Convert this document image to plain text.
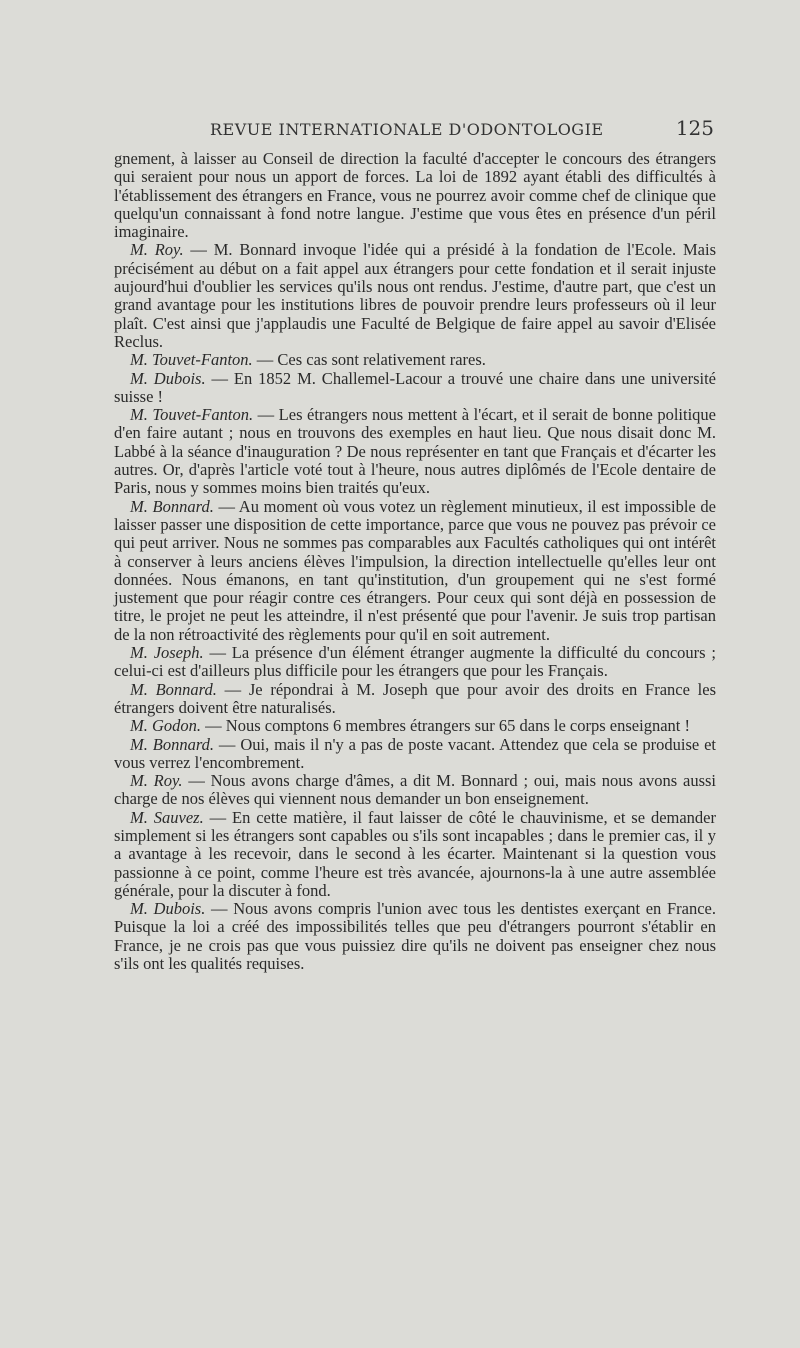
REVUE INTERNATIONALE D'ODONTOLOGIE	125

gnement, à laisser au Conseil de direction la faculté d'accepter le concours des étrangers qui seraient pour nous un apport de forces. La loi de 1892 ayant établi des difficultés à l'établissement des étrangers en France, vous ne pourrez avoir comme chef de clinique que quelqu'un connaissant à fond notre langue. J'estime que vous êtes en présence d'un péril imaginaire.

M. Roy. — M. Bonnard invoque l'idée qui a présidé à la fondation de l'Ecole. Mais précisément au début on a fait appel aux étrangers pour cette fondation et il serait injuste aujourd'hui d'oublier les services qu'ils nous ont rendus. J'estime, d'autre part, que c'est un grand avantage pour les institutions libres de pouvoir prendre leurs professeurs où il leur plaît. C'est ainsi que j'applaudis une Faculté de Belgique de faire appel au savoir d'Elisée Reclus.

M. Touvet-Fanton. — Ces cas sont relativement rares.

M. Dubois. — En 1852 M. Challemel-Lacour a trouvé une chaire dans une université suisse !

M. Touvet-Fanton. — Les étrangers nous mettent à l'écart, et il serait de bonne politique d'en faire autant ; nous en trouvons des exemples en haut lieu. Que nous disait donc M. Labbé à la séance d'inauguration ? De nous représenter en tant que Français et d'écarter les autres. Or, d'après l'article voté tout à l'heure, nous autres diplômés de l'Ecole dentaire de Paris, nous y sommes moins bien traités qu'eux.

M. Bonnard. — Au moment où vous votez un règlement minutieux, il est impossible de laisser passer une disposition de cette importance, parce que vous ne pouvez pas prévoir ce qui peut arriver. Nous ne sommes pas comparables aux Facultés catholiques qui ont intérêt à conserver à leurs anciens élèves l'impulsion, la direction intellectuelle qu'elles leur ont données. Nous émanons, en tant qu'institution, d'un groupement qui ne s'est formé justement que pour réagir contre ces étrangers. Pour ceux qui sont déjà en possession de titre, le projet ne peut les atteindre, il n'est présenté que pour l'avenir. Je suis trop partisan de la non rétroactivité des règlements pour qu'il en soit autrement.

M. Joseph. — La présence d'un élément étranger augmente la difficulté du concours ; celui-ci est d'ailleurs plus difficile pour les étrangers que pour les Français.

M. Bonnard. — Je répondrai à M. Joseph que pour avoir des droits en France les étrangers doivent être naturalisés.

M. Godon. — Nous comptons 6 membres étrangers sur 65 dans le corps enseignant !

M. Bonnard. — Oui, mais il n'y a pas de poste vacant. Attendez que cela se produise et vous verrez l'encombrement.

M. Roy. — Nous avons charge d'âmes, a dit M. Bonnard ; oui, mais nous avons aussi charge de nos élèves qui viennent nous demander un bon enseignement.

M. Sauvez. — En cette matière, il faut laisser de côté le chauvinisme, et se demander simplement si les étrangers sont capables ou s'ils sont incapables ; dans le premier cas, il y a avantage à les recevoir, dans le second à les écarter. Maintenant si la question vous passionne à ce point, comme l'heure est très avancée, ajournons-la à une autre assemblée générale, pour la discuter à fond.

M. Dubois. — Nous avons compris l'union avec tous les dentistes exerçant en France. Puisque la loi a créé des impossibilités telles que peu d'étrangers pourront s'établir en France, je ne crois pas que vous puissiez dire qu'ils ne doivent pas enseigner chez nous s'ils ont les qualités requises.
